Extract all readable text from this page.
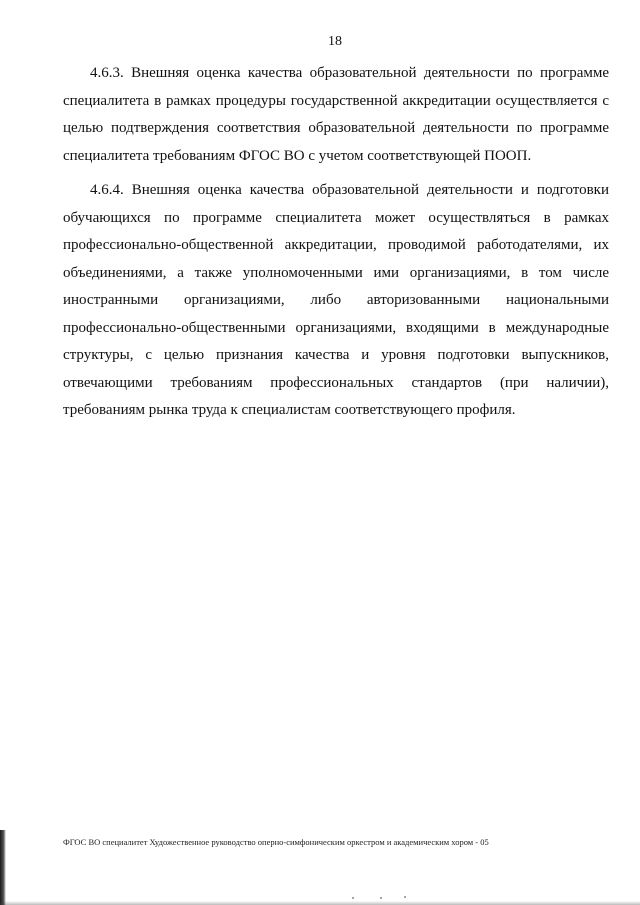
18

4.6.3. Внешняя оценка качества образовательной деятельности по программе специалитета в рамках процедуры государственной аккредитации осуществляется с целью подтверждения соответствия образовательной деятельности по программе специалитета требованиям ФГОС ВО с учетом соответствующей ПООП.

4.6.4. Внешняя оценка качества образовательной деятельности и подготовки обучающихся по программе специалитета может осуществляться в рамках профессионально-общественной аккредитации, проводимой работодателями, их объединениями, а также уполномоченными ими организациями, в том числе иностранными организациями, либо авторизованными национальными профессионально-общественными организациями, входящими в международные структуры, с целью признания качества и уровня подготовки выпускников, отвечающими требованиям профессиональных стандартов (при наличии), требованиям рынка труда к специалистам соответствующего профиля.

ФГОС ВО специалитет Художественное руководство оперно-симфоническим оркестром и академическим хором - 05
